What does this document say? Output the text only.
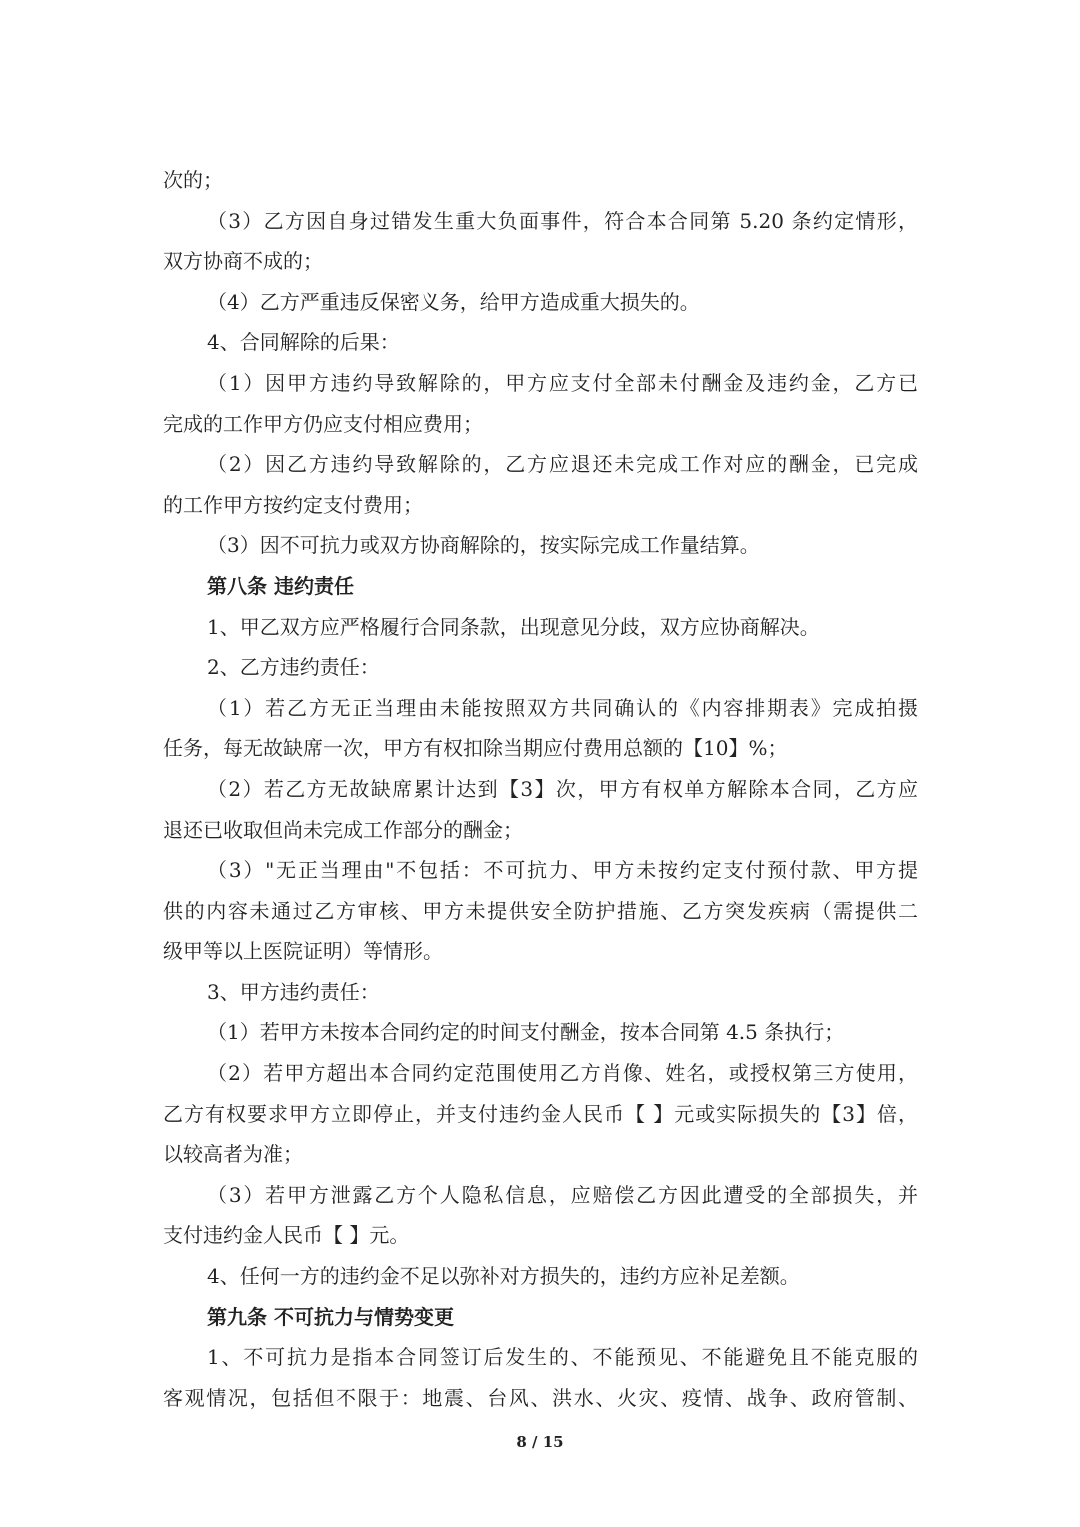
次的；
（3）乙方因自身过错发生重大负面事件，符合本合同第 5.20 条约定情形，
双方协商不成的；
（4）乙方严重违反保密义务，给甲方造成重大损失的。
4、合同解除的后果：
（1）因甲方违约导致解除的，甲方应支付全部未付酬金及违约金，乙方已
完成的工作甲方仍应支付相应费用；
（2）因乙方违约导致解除的，乙方应退还未完成工作对应的酬金，已完成
的工作甲方按约定支付费用；
（3）因不可抗力或双方协商解除的，按实际完成工作量结算。
第八条 违约责任
1、甲乙双方应严格履行合同条款，出现意见分歧，双方应协商解决。
2、乙方违约责任：
（1）若乙方无正当理由未能按照双方共同确认的《内容排期表》完成拍摄
任务，每无故缺席一次，甲方有权扣除当期应付费用总额的【10】%；
（2）若乙方无故缺席累计达到【3】次，甲方有权单方解除本合同，乙方应
退还已收取但尚未完成工作部分的酬金；
（3）"无正当理由"不包括：不可抗力、甲方未按约定支付预付款、甲方提
供的内容未通过乙方审核、甲方未提供安全防护措施、乙方突发疾病（需提供二
级甲等以上医院证明）等情形。
3、甲方违约责任：
（1）若甲方未按本合同约定的时间支付酬金，按本合同第 4.5 条执行；
（2）若甲方超出本合同约定范围使用乙方肖像、姓名，或授权第三方使用，
乙方有权要求甲方立即停止，并支付违约金人民币【 】元或实际损失的【3】倍，
以较高者为准；
（3）若甲方泄露乙方个人隐私信息，应赔偿乙方因此遭受的全部损失，并
支付违约金人民币【 】元。
4、任何一方的违约金不足以弥补对方损失的，违约方应补足差额。
第九条 不可抗力与情势变更
1、不可抗力是指本合同签订后发生的、不能预见、不能避免且不能克服的
客观情况，包括但不限于：地震、台风、洪水、火灾、疫情、战争、政府管制、
8 / 15
